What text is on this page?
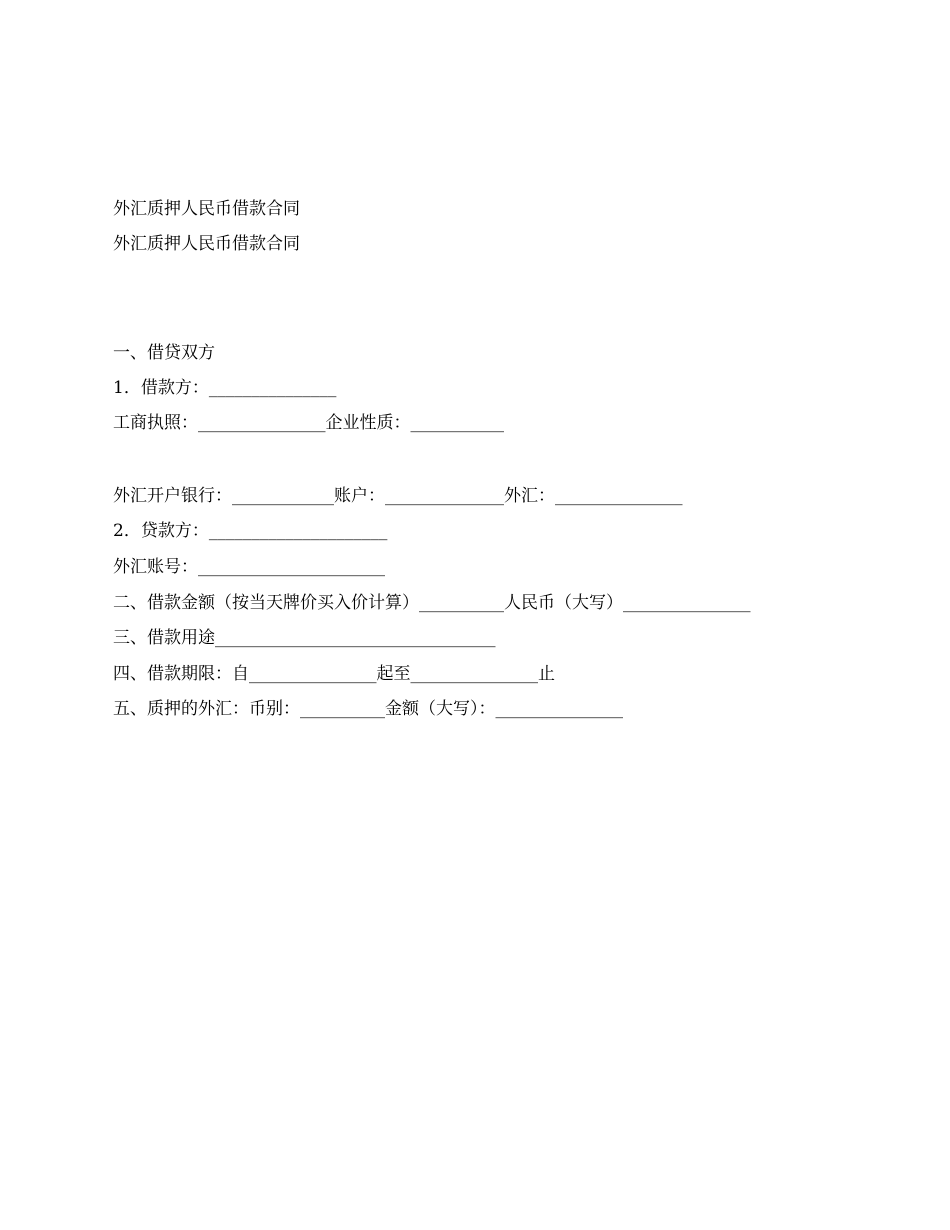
外汇质押人民币借款合同
外汇质押人民币借款合同
一、借贷双方
1．借款方：_______________
工商执照：_______________企业性质：___________
外汇开户银行：____________账户：______________外汇：_______________
2．贷款方：_____________________
外汇账号：______________________
二、借款金额（按当天牌价买入价计算）__________人民币（大写）_______________
三、借款用途_________________________________
四、借款期限：自_______________起至_______________止
五、质押的外汇：币别：__________金额（大写）：_______________
